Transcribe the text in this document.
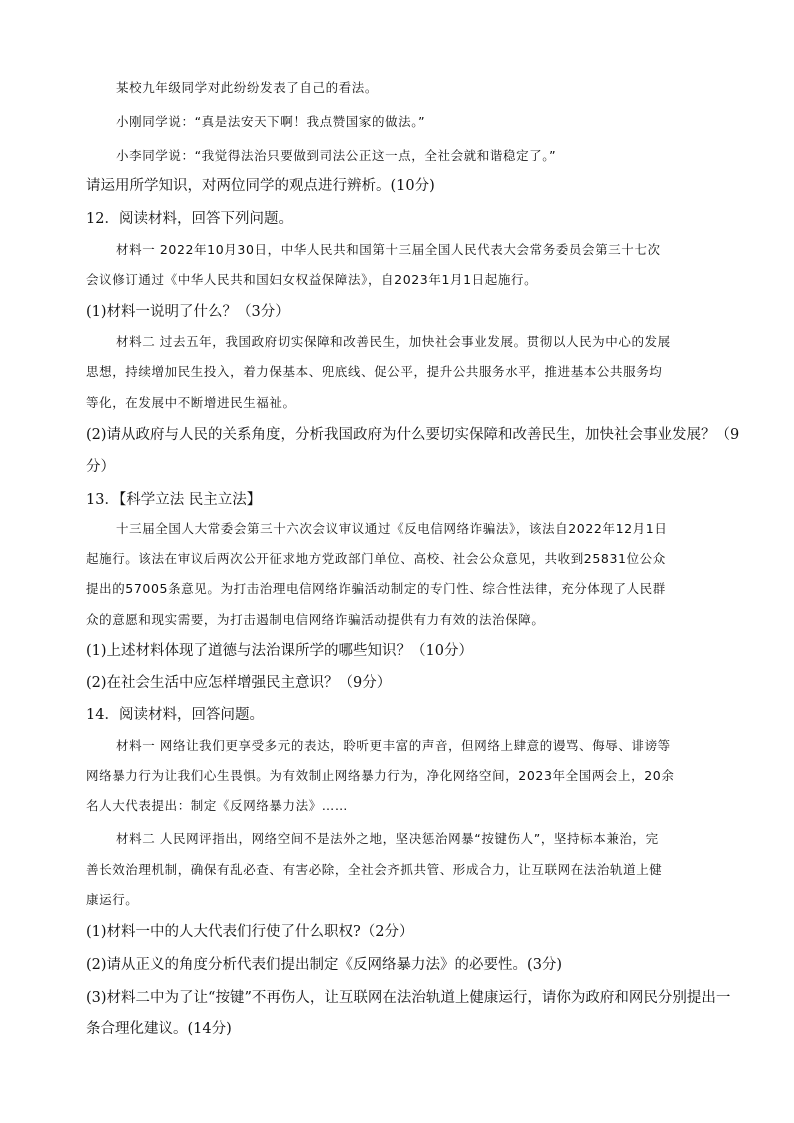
某校九年级同学对此纷纷发表了自己的看法。
小刚同学说：“真是法安天下啊！我点赞国家的做法。”
小李同学说：“我觉得法治只要做到司法公正这一点，全社会就和谐稳定了。”
请运用所学知识，对两位同学的观点进行辨析。(10分)
12．阅读材料，回答下列问题。
材料一 2022年10月30日，中华人民共和国第十三届全国人民代表大会常务委员会第三十七次
会议修订通过《中华人民共和国妇女权益保障法》，自2023年1月1日起施行。
(1)材料一说明了什么？（3分）
材料二 过去五年，我国政府切实保障和改善民生，加快社会事业发展。贯彻以人民为中心的发展
思想，持续增加民生投入，着力保基本、兜底线、促公平，提升公共服务水平，推进基本公共服务均
等化，在发展中不断增进民生福祉。
(2)请从政府与人民的关系角度，分析我国政府为什么要切实保障和改善民生，加快社会事业发展？（9
分）
13．【科学立法 民主立法】
十三届全国人大常委会第三十六次会议审议通过《反电信网络诈骗法》，该法自2022年12月1日
起施行。该法在审议后两次公开征求地方党政部门单位、高校、社会公众意见，共收到25831位公众
提出的57005条意见。为打击治理电信网络诈骗活动制定的专门性、综合性法律，充分体现了人民群
众的意愿和现实需要，为打击遏制电信网络诈骗活动提供有力有效的法治保障。
(1)上述材料体现了道德与法治课所学的哪些知识？（10分）
(2)在社会生活中应怎样增强民主意识？（9分）
14．阅读材料，回答问题。
材料一 网络让我们更享受多元的表达，聆听更丰富的声音，但网络上肆意的谩骂、侮辱、诽谤等
网络暴力行为让我们心生畏惧。为有效制止网络暴力行为，净化网络空间，2023年全国两会上，20余
名人大代表提出：制定《反网络暴力法》……
材料二 人民网评指出，网络空间不是法外之地，坚决惩治网暴“按键伤人”，坚持标本兼治，完
善长效治理机制，确保有乱必查、有害必除，全社会齐抓共管、形成合力，让互联网在法治轨道上健
康运行。
(1)材料一中的人大代表们行使了什么职权?（2分）
(2)请从正义的角度分析代表们提出制定《反网络暴力法》的必要性。(3分)
(3)材料二中为了让“按键”不再伤人，让互联网在法治轨道上健康运行，请你为政府和网民分别提出一
条合理化建议。(14分)
